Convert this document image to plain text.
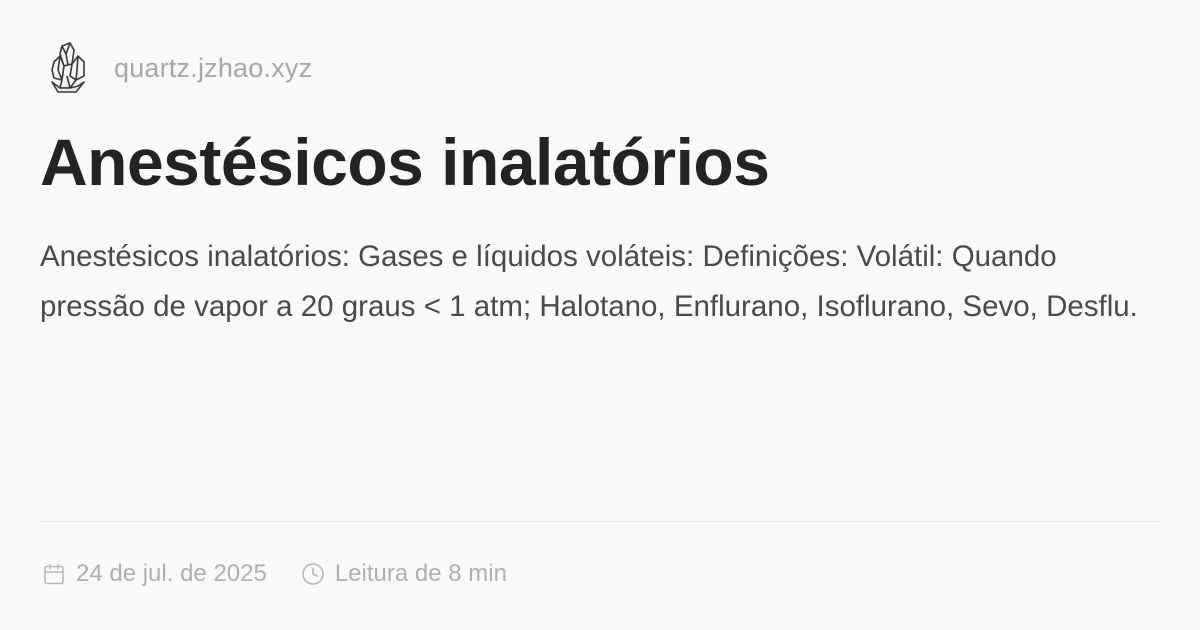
quartz.jzhao.xyz
Anestésicos inalatórios

Anestésicos inalatórios: Gases e líquidos voláteis: Definições: Volátil: Quando pressão de vapor a 20 graus < 1 atm; Halotano, Enflurano, Isoflurano, Sevo, Desflu.

24 de jul. de 2025	Leitura de 8 min
